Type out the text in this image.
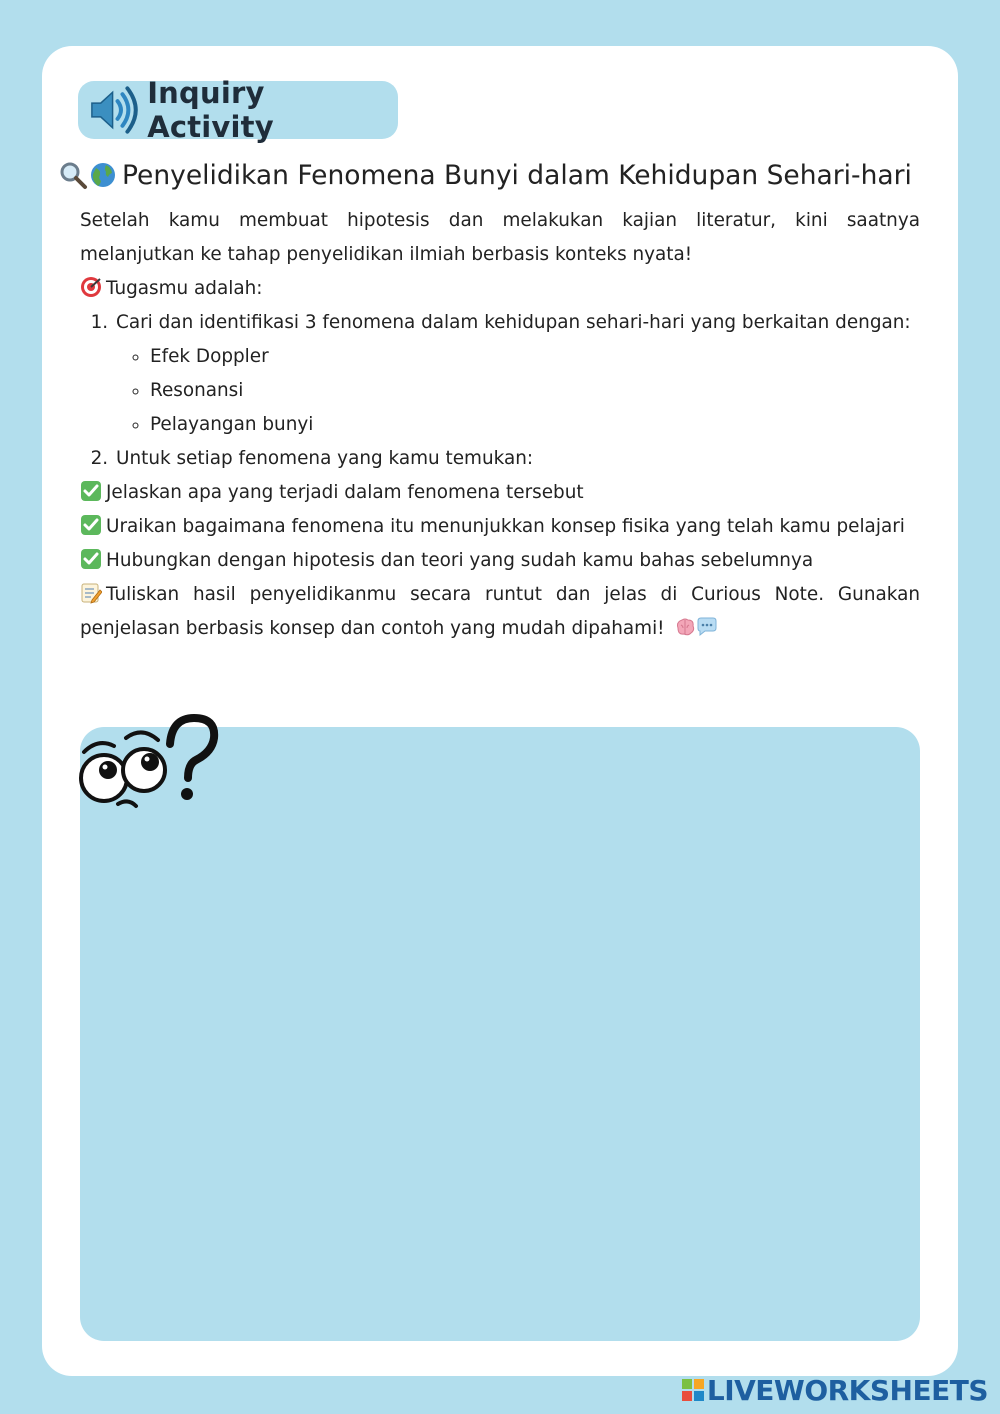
Inquiry Activity
Penyelidikan Fenomena Bunyi dalam Kehidupan Sehari-hari

Setelah kamu membuat hipotesis dan melakukan kajian literatur, kini saatnya melanjutkan ke tahap penyelidikan ilmiah berbasis konteks nyata!

Tugasmu adalah:

1. Cari dan identifikasi 3 fenomena dalam kehidupan sehari-hari yang berkaitan dengan:
◦ Efek Doppler
◦ Resonansi
◦ Pelayangan bunyi
2. Untuk setiap fenomena yang kamu temukan:

Jelaskan apa yang terjadi dalam fenomena tersebut

Uraikan bagaimana fenomena itu menunjukkan konsep fisika yang telah kamu pelajari

Hubungkan dengan hipotesis dan teori yang sudah kamu bahas sebelumnya

Tuliskan hasil penyelidikanmu secara runtut dan jelas di Curious Note. Gunakan penjelasan berbasis konsep dan contoh yang mudah dipahami!

LIVEWORKSHEETS
